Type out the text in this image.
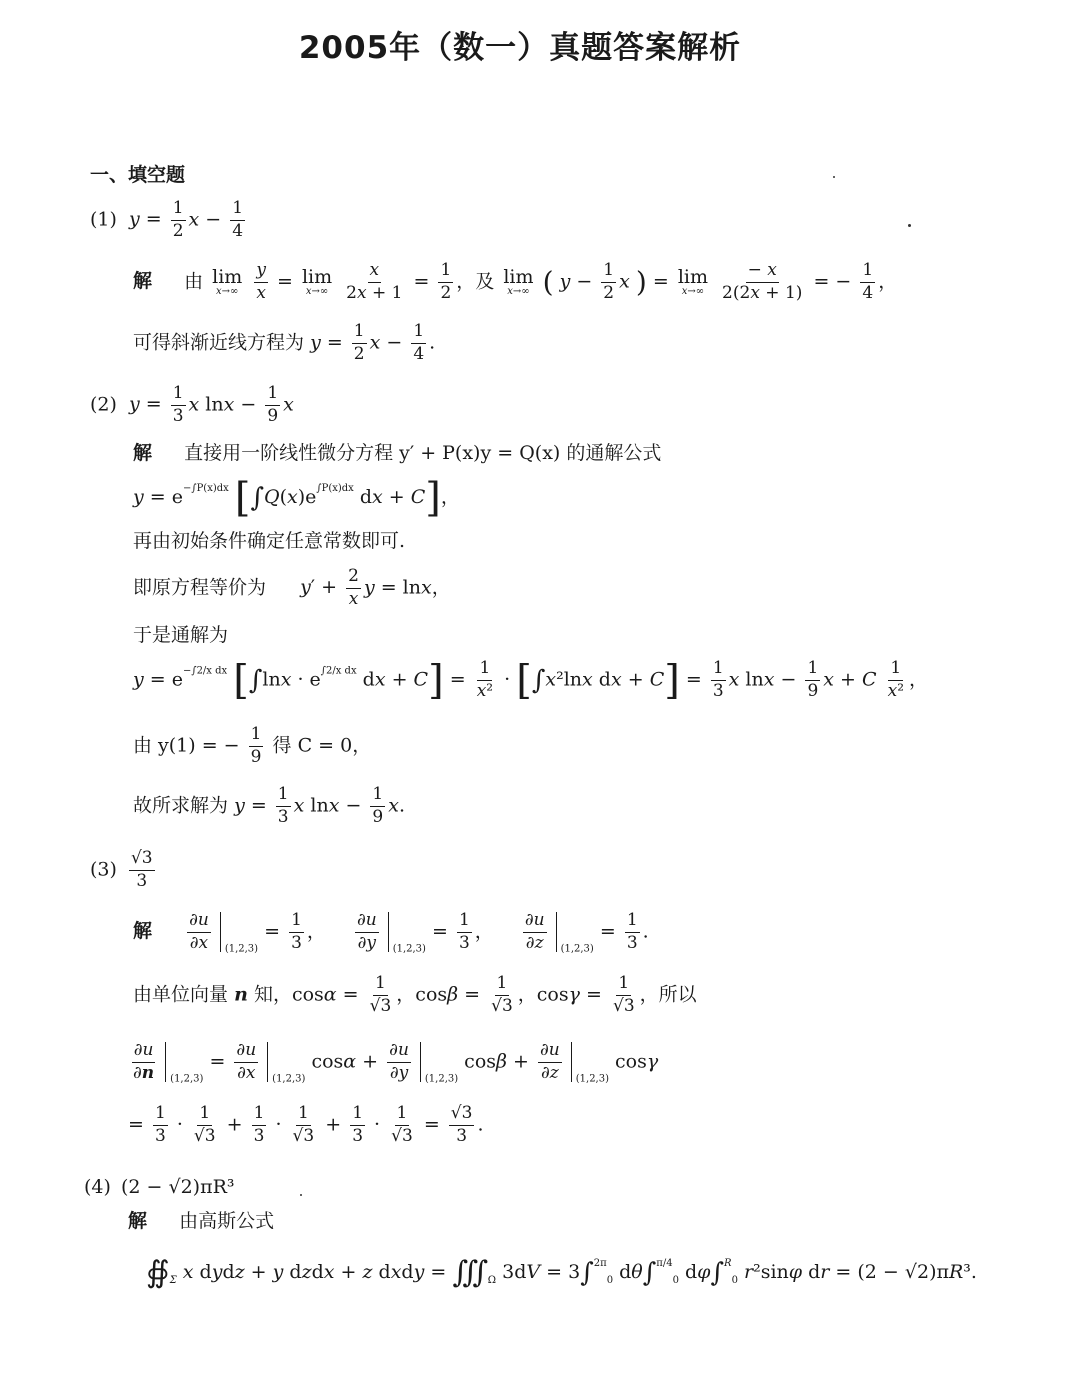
2005年（数一）真题答案解析
一、填空题
(1) $y = \frac{1}{2}$ $x - \frac{1}{4}$
解 由 lim
x→∞
$\frac{y}{x} = \lim$
x→∞
$\frac{x}{2x + 1} = \frac{1}{2}$ ，及 lim
x→∞ ( $y - \frac{1}{2}$ x ) = lim
x→∞
$\frac{- x}{2(2x + 1)}$ = − $\frac{1}{4}$ ，
可得斜渐近线方程为 $y = \frac{1}{2}$ $x - \frac{1}{4}$ .
(2) $y = \frac{1}{3}$ x $\ln x - \frac{1}{9}$ x
解 直接用一阶线性微分方程 y′ + P(x)y = Q(x) 的通解公式
$y = e^{-\int P(x)dx}$ [$\int Q(x)e^{\int P(x)dx}$ dx + C]，
再由初始条件确定任意常数即可.
即原方程等价为 $y' + \frac{2}{x}$ y = lnx，
于是通解为
$y = e^{-\int 2/x dx}$ [$\int\ln x \cdot e^{\int 2/x dx}$ dx + $C] = \frac{1}{\text{x²}} \cdot [\int x^2\ln x$ dx + $C] = \frac{1}{3}$ x $\ln x - \frac{1}{9}$ x + C $\frac{1}{\text{x²}}$ ，
由 y(1) = − $\frac{1}{9}$ 得 C = 0，
故所求解为 $y = \frac{1}{3}$ x $\ln x - \frac{1}{9} x$.
$(3) \frac{√3}{3}$
解 $\frac{\partial u}{\partial x} _{(1,2,3)} = \frac{1}{3}$ ， $\frac{\partial u}{\partial y} _{(1,2,3)} = \frac{1}{3}$ ， $\frac{\partial u}{\partial z} _{(1,2,3)} = \frac{1}{3}$ .
由单位向量 n 知，$\cos\alpha = \frac{1}{√3}$ ，$\cos\beta = \frac{1}{√3}$ ，$\cos\gamma = \frac{1}{√3}$ ，所以
$\frac{\partial u}{\partial n} _{(1,2,3)} = \frac{\partial u}{\partial x} _{(1,2,3)}$ $\cos\alpha + \frac{\partial u}{\partial y} _{(1,2,3)}$ $\cos\beta + \frac{\partial u}{\partial z} _{(1,2,3)}$ cosγ
= $\frac{1}{3} \cdot \frac{1}{√3} + \frac{1}{3} \cdot \frac{1}{√3} + \frac{1}{3} \cdot \frac{1}{√3} = \frac{√3}{3}$ .
(4) (2 − √2)πR³
解 由高斯公式
$∯_\Sigma$ x dydz + y dzdx + z dxdy = $∭_\Omega$ 3dV = 3∫$^{2\pi}_0$ dθ∫$^{\pi/4}_0$ dφ∫$^R_0$ r²sinφ dr = (2 − √2)πR³.
